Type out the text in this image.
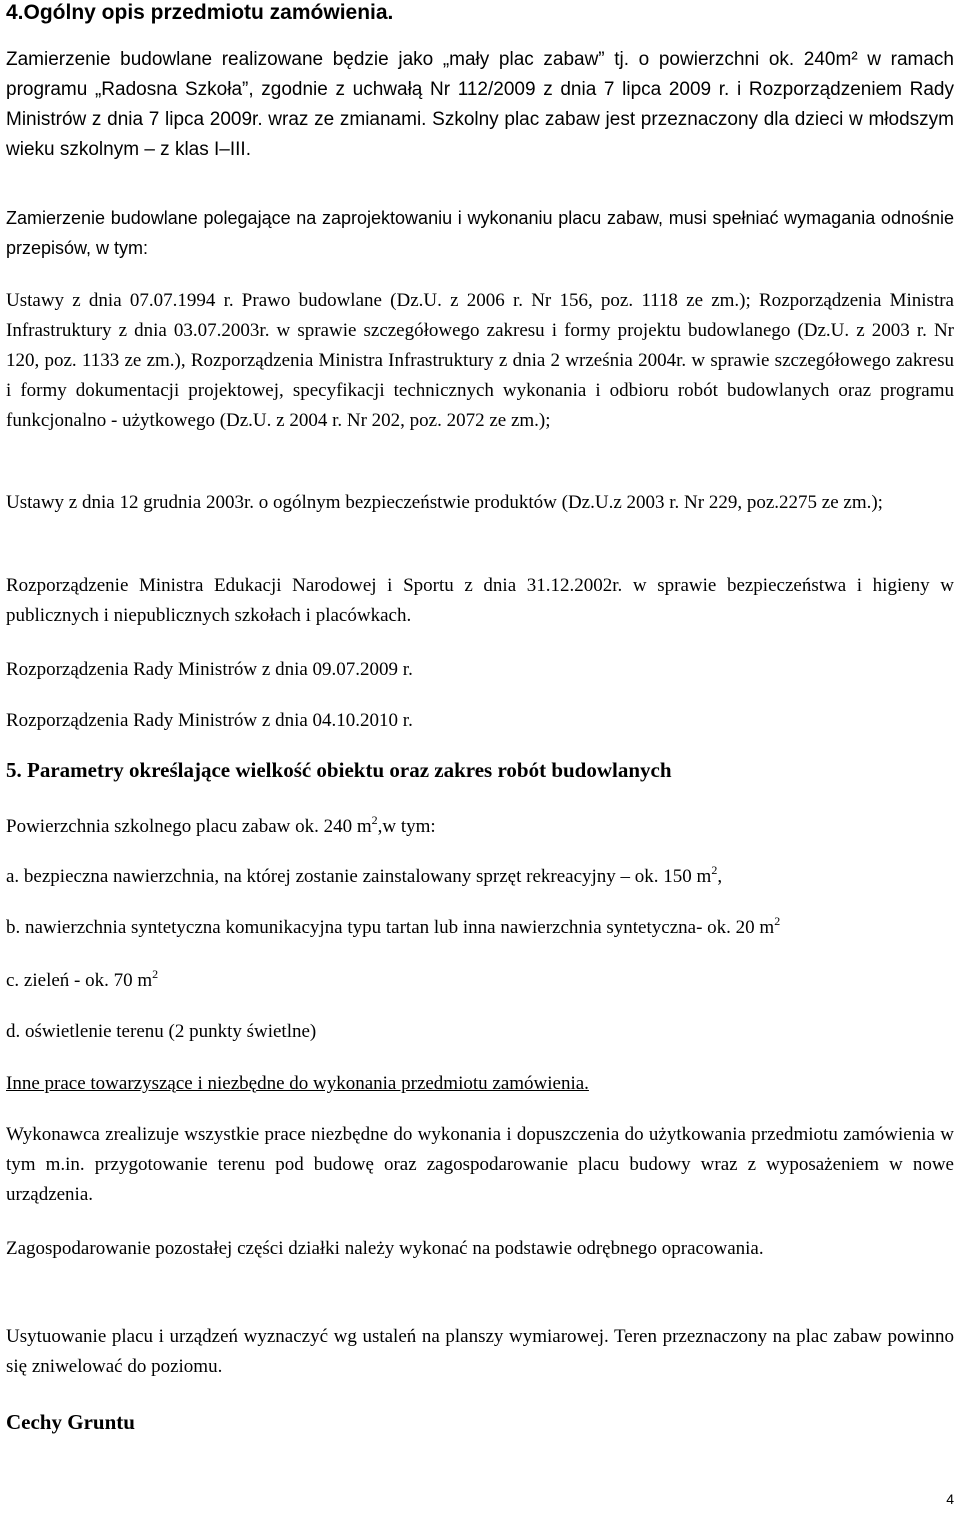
4.Ogólny opis przedmiotu zamówienia.
Zamierzenie budowlane realizowane będzie jako „mały plac zabaw” tj. o powierzchni ok. 240m² w ramach programu „Radosna Szkoła”, zgodnie z uchwałą Nr 112/2009 z dnia 7 lipca 2009 r. i Rozporządzeniem Rady Ministrów z dnia 7 lipca 2009r. wraz ze zmianami. Szkolny plac zabaw jest przeznaczony dla dzieci w młodszym wieku szkolnym – z klas I–III.
Zamierzenie budowlane polegające na zaprojektowaniu i wykonaniu placu zabaw, musi spełniać wymagania odnośnie przepisów, w tym:
Ustawy z dnia 07.07.1994 r. Prawo budowlane (Dz.U. z 2006 r. Nr 156, poz. 1118 ze zm.); Rozporządzenia Ministra Infrastruktury z dnia 03.07.2003r. w sprawie szczegółowego zakresu i formy projektu budowlanego (Dz.U. z 2003 r. Nr 120, poz. 1133 ze zm.), Rozporządzenia Ministra Infrastruktury z dnia 2 września 2004r. w sprawie szczegółowego zakresu i formy dokumentacji projektowej, specyfikacji technicznych wykonania i odbioru robót budowlanych oraz programu funkcjonalno - użytkowego (Dz.U. z 2004 r. Nr 202, poz. 2072 ze zm.);
Ustawy z dnia 12 grudnia 2003r. o ogólnym bezpieczeństwie produktów (Dz.U.z 2003 r. Nr 229, poz.2275 ze zm.);
Rozporządzenie Ministra Edukacji Narodowej i Sportu z dnia 31.12.2002r. w sprawie bezpieczeństwa i higieny w publicznych i niepublicznych szkołach i placówkach.
Rozporządzenia Rady Ministrów z dnia 09.07.2009 r.
Rozporządzenia Rady Ministrów z dnia 04.10.2010 r.
5. Parametry określające wielkość obiektu oraz zakres robót budowlanych
Powierzchnia szkolnego placu zabaw ok. 240 $m^2,w$ tym:
a. bezpieczna nawierzchnia, na której zostanie zainstalowany sprzęt rekreacyjny – ok. 150 $m^2$,
b. nawierzchnia syntetyczna komunikacyjna typu tartan lub inna nawierzchnia syntetyczna- ok. 20 $m^2$
c. zieleń - ok. 70 $m^2$
d. oświetlenie terenu (2 punkty świetlne)
Inne prace towarzyszące i niezbędne do wykonania przedmiotu zamówienia.
Wykonawca zrealizuje wszystkie prace niezbędne do wykonania i dopuszczenia do użytkowania przedmiotu zamówienia w tym m.in. przygotowanie terenu pod budowę oraz zagospodarowanie placu budowy wraz z wyposażeniem w nowe urządzenia.
Zagospodarowanie pozostałej części działki należy wykonać na podstawie odrębnego opracowania.
Usytuowanie placu i urządzeń wyznaczyć wg ustaleń na planszy wymiarowej. Teren przeznaczony na plac zabaw powinno się zniwelować do poziomu.
Cechy Gruntu
4
